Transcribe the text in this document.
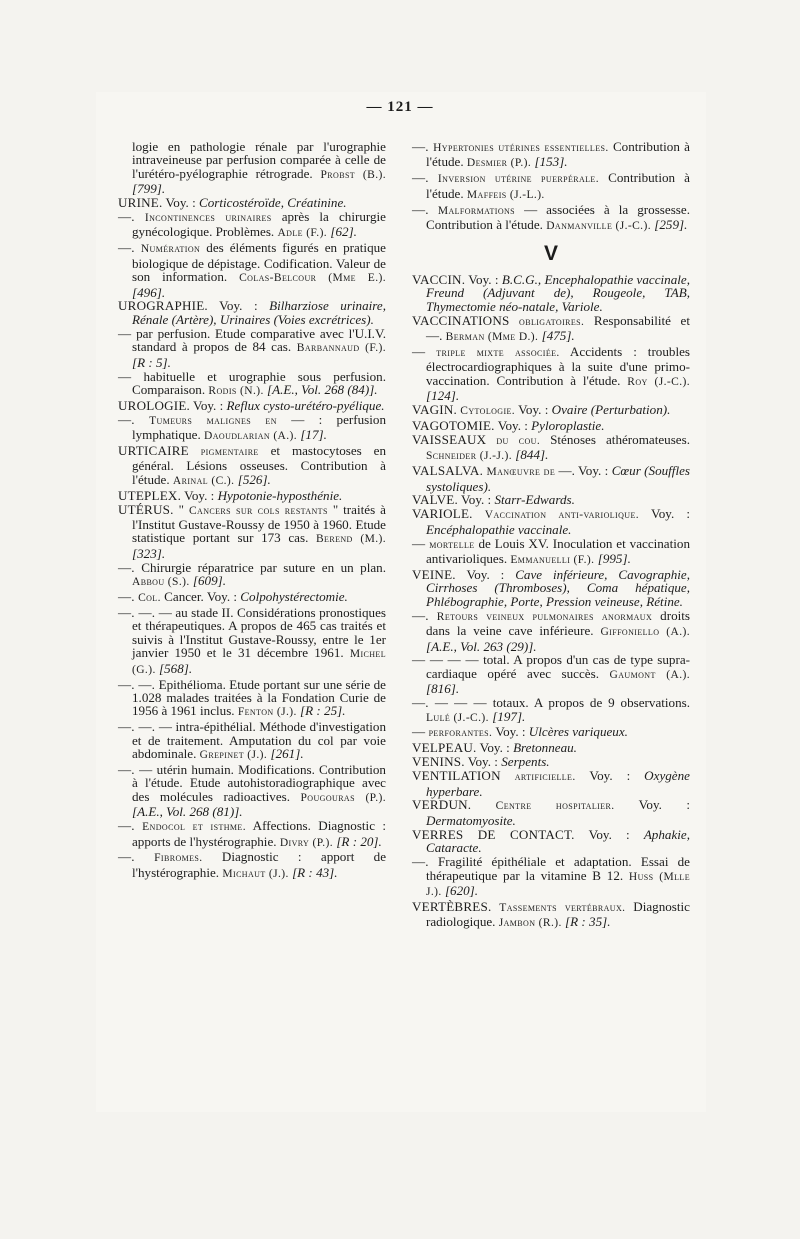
— 121 —
logie en pathologie rénale par l'urographie intraveineuse par perfusion comparée à celle de l'urétéro-pyélographie rétrograde. Probst (B.). [799].
URINE. Voy. : Corticostéroïde, Créatinine.
—. Incontinences urinaires après la chirurgie gynécologique. Problèmes. Adle (F.). [62].
—. Numération des éléments figurés en pratique biologique de dépistage. Codification. Valeur de son information. Colas-Belcour (Mme E.). [496].
UROGRAPHIE. Voy. : Bilharziose urinaire, Rénale (Artère), Urinaires (Voies excrétrices).
— par perfusion. Etude comparative avec l'U.I.V. standard à propos de 84 cas. Barbannaud (F.). [R : 5].
— habituelle et urographie sous perfusion. Comparaison. Rodis (N.). [A.E., Vol. 268 (84)].
UROLOGIE. Voy. : Reflux cysto-urétéro-pyélique.
—. Tumeurs malignes en — : perfusion lymphatique. Daoudlarian (A.). [17].
URTICAIRE pigmentaire et mastocytoses en général. Lésions osseuses. Contribution à l'étude. Arinal (C.). [526].
UTEPLEX. Voy. : Hypotonie-hyposthénie.
UTÉRUS. " Cancers sur cols restants " traités à l'Institut Gustave-Roussy de 1950 à 1960. Etude statistique portant sur 173 cas. Berend (M.). [323].
—. Chirurgie réparatrice par suture en un plan. Abbou (S.). [609].
—. Col. Cancer. Voy. : Colpohystérectomie.
—. —. — au stade II. Considérations pronostiques et thérapeutiques. A propos de 465 cas traités et suivis à l'Institut Gustave-Roussy, entre le 1er janvier 1950 et le 31 décembre 1961. Michel (G.). [568].
—. —. Epithélioma. Etude portant sur une série de 1.028 malades traitées à la Fondation Curie de 1956 à 1961 inclus. Fenton (J.). [R : 25].
—. —. — intra-épithélial. Méthode d'investigation et de traitement. Amputation du col par voie abdominale. Grepinet (J.). [261].
—. — utérin humain. Modifications. Contribution à l'étude. Etude autohistoradiographique avec des molécules radioactives. Pougouras (P.). [A.E., Vol. 268 (81)].
—. Endocol et isthme. Affections. Diagnostic : apports de l'hystérographie. Divry (P.). [R : 20].
—. Fibromes. Diagnostic : apport de l'hystérographie. Michaut (J.). [R : 43].
—. Hypertonies utérines essentielles. Contribution à l'étude. Desmier (P.). [153].
—. Inversion utérine puerpérale. Contribution à l'étude. Maffeis (J.-L.).
—. Malformations — associées à la grossesse. Contribution à l'étude. Danmanville (J.-C.). [259].
V
VACCIN. Voy. : B.C.G., Encephalopathie vaccinale, Freund (Adjuvant de), Rougeole, TAB, Thymectomie néo-natale, Variole.
VACCINATIONS obligatoires. Responsabilité et —. Berman (Mme D.). [475].
— triple mixte associée. Accidents : troubles électrocardiographiques à la suite d'une primo-vaccination. Contribution à l'étude. Roy (J.-C.). [124].
VAGIN. Cytologie. Voy. : Ovaire (Perturbation).
VAGOTOMIE. Voy. : Pyloroplastie.
VAISSEAUX du cou. Sténoses athéromateuses. Schneider (J.-J.). [844].
VALSALVA. Manœuvre de —. Voy. : Cœur (Souffles systoliques).
VALVE. Voy. : Starr-Edwards.
VARIOLE. Vaccination anti-variolique. Voy. : Encéphalopathie vaccinale.
— mortelle de Louis XV. Inoculation et vaccination antivarioliques. Emmanuelli (F.). [995].
VEINE. Voy. : Cave inférieure, Cavographie, Cirrhoses (Thromboses), Coma hépatique, Phlébographie, Porte, Pression veineuse, Rétine.
—. Retours veineux pulmonaires anormaux droits dans la veine cave inférieure. Giffoniello (A.). [A.E., Vol. 263 (29)].
— — — — total. A propos d'un cas de type supra-cardiaque opéré avec succès. Gaumont (A.). [816].
—. — — — totaux. A propos de 9 observations. Lulé (J.-C.). [197].
— perforantes. Voy. : Ulcères variqueux.
VELPEAU. Voy. : Bretonneau.
VENINS. Voy. : Serpents.
VENTILATION artificielle. Voy. : Oxygène hyperbare.
VERDUN. Centre hospitalier. Voy. : Dermatomyosite.
VERRES DE CONTACT. Voy. : Aphakie, Cataracte.
—. Fragilité épithéliale et adaptation. Essai de thérapeutique par la vitamine B 12. Huss (Mlle J.). [620].
VERTÈBRES. Tassements vertébraux. Diagnostic radiologique. Jambon (R.). [R : 35].
